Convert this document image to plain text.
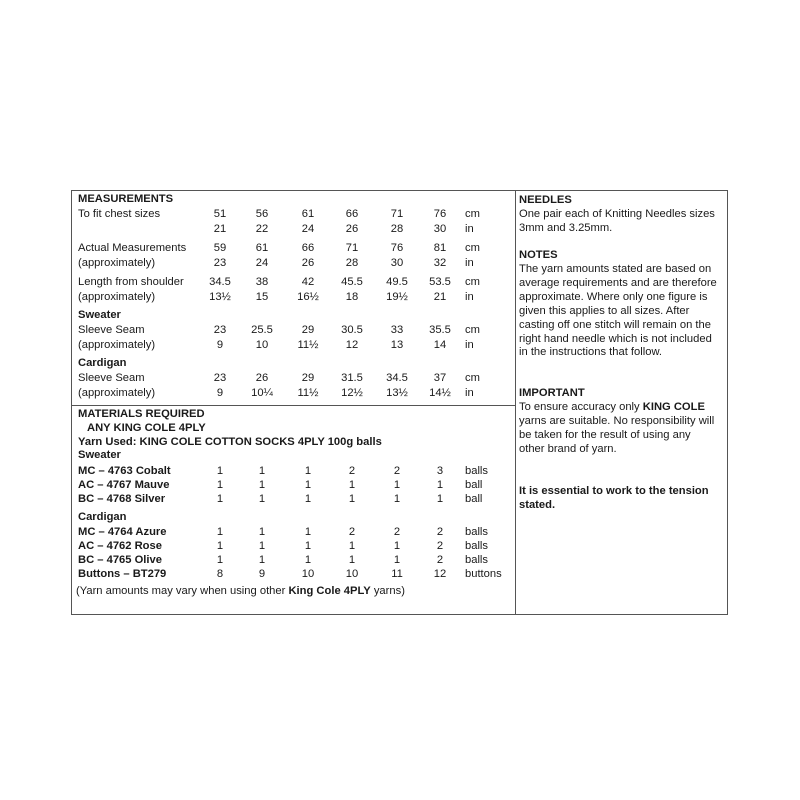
MEASUREMENTS
To fit chest sizes	51	56	61	66	71	76	cm
21	22	24	26	28	30	in
Actual Measurements	59	61	66	71	76	81	cm
(approximately)	23	24	26	28	30	32	in
Length from shoulder	34.5	38	42	45.5	49.5	53.5	cm
(approximately)	13½	15	16½	18	19½	21	in
Sweater
Sleeve Seam	23	25.5	29	30.5	33	35.5	cm
(approximately)	9	10	11½	12	13	14	in
Cardigan
Sleeve Seam	23	26	29	31.5	34.5	37	cm
(approximately)	9	10¼	11½	12½	13½	14½	in
MATERIALS REQUIRED
ANY KING COLE 4PLY
Yarn Used: KING COLE COTTON SOCKS 4PLY 100g balls
Sweater
MC – 4763 Cobalt	1	1	1	2	2	3	balls
AC – 4767 Mauve	1	1	1	1	1	1	ball
BC – 4768 Silver	1	1	1	1	1	1	ball
Cardigan
MC – 4764 Azure	1	1	1	2	2	2	balls
AC – 4762 Rose	1	1	1	1	1	2	balls
BC – 4765 Olive	1	1	1	1	1	2	balls
Buttons – BT279	8	9	10	10	11	12	buttons
(Yarn amounts may vary when using other King Cole 4PLY yarns)
NEEDLES
One pair each of Knitting Needles sizes 3mm and 3.25mm.
NOTES
The yarn amounts stated are based on average requirements and are therefore approximate. Where only one figure is given this applies to all sizes. After casting off one stitch will remain on the right hand needle which is not included in the instructions that follow.
IMPORTANT
To ensure accuracy only KING COLE yarns are suitable. No responsibility will be taken for the result of using any other brand of yarn.
It is essential to work to the tension stated.
